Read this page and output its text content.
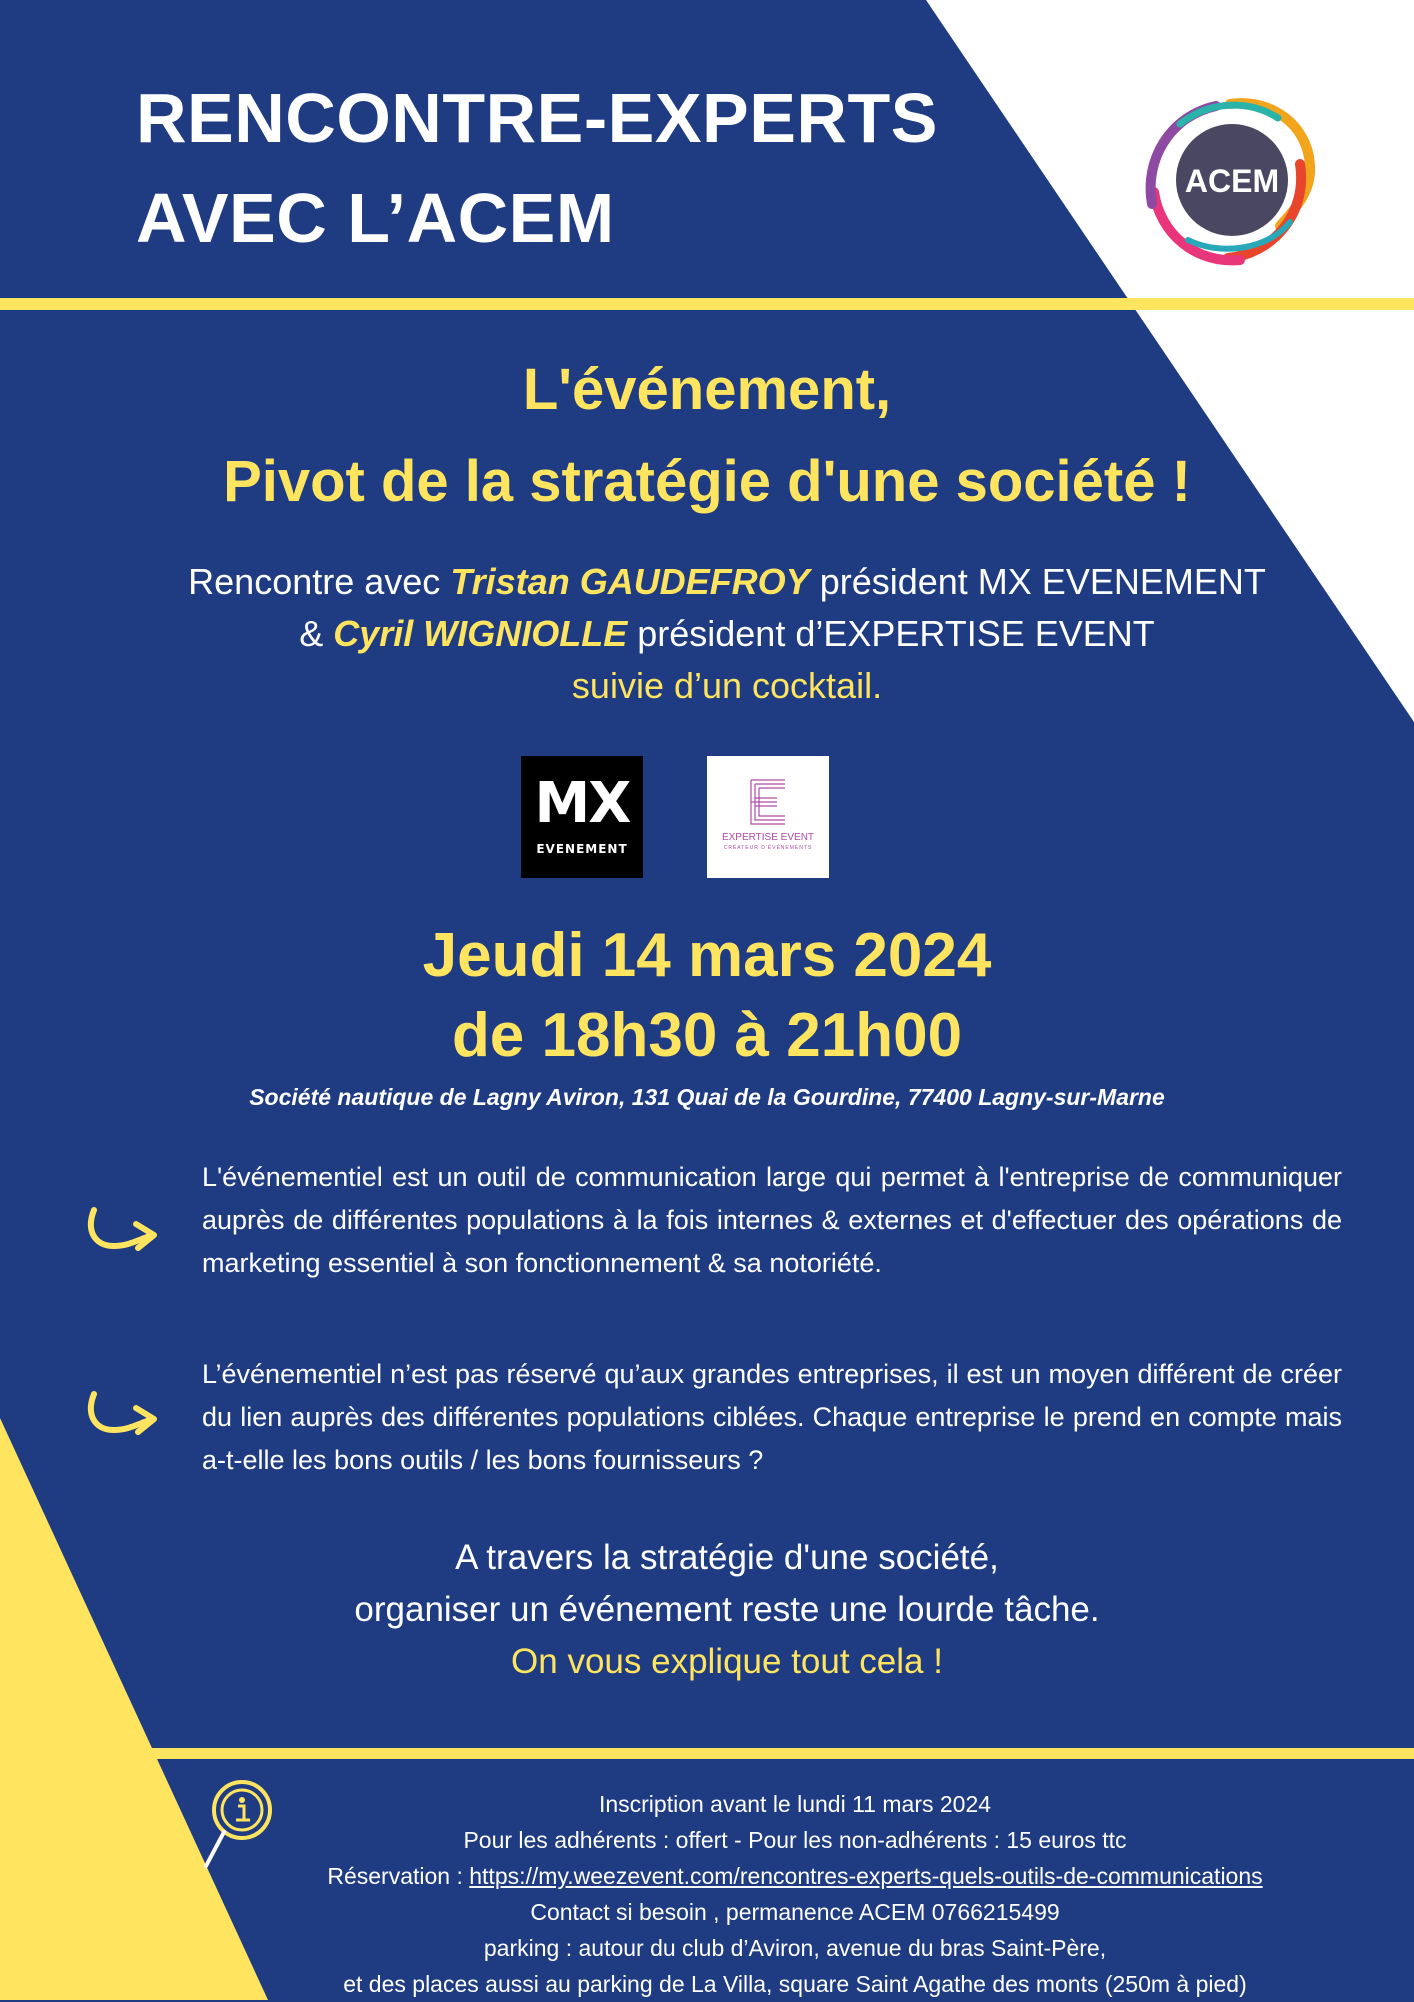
RENCONTRE-EXPERTS
AVEC L’ACEM	ACEM
L'événement,
Pivot de la stratégie d'une société !
Rencontre avec Tristan GAUDEFROY président MX EVENEMENT
& Cyril WIGNIOLLE président d’EXPERTISE EVENT
suivie d’un cocktail.
MX
EVENEMENT
EXPERTISE EVENT
CRÉATEUR D'ÉVÉNEMENTS
Jeudi 14 mars 2024
de 18h30 à 21h00
Société nautique de Lagny Aviron, 131 Quai de la Gourdine, 77400 Lagny-sur-Marne
L'événementiel est un outil de communication large qui permet à l'entreprise de communiquer auprès de différentes populations à la fois internes & externes et d'effectuer des opérations de marketing essentiel à son fonctionnement & sa notoriété.
L’événementiel n’est pas réservé qu’aux grandes entreprises, il est un moyen différent de créer du lien auprès des différentes populations ciblées. Chaque entreprise le prend en compte mais a-t-elle les bons outils / les bons fournisseurs ?
A travers la stratégie d'une société,
organiser un événement reste une lourde tâche.
On vous explique tout cela !
Inscription avant le lundi 11 mars 2024
Pour les adhérents : offert - Pour les non-adhérents : 15 euros ttc
Réservation : https://my.weezevent.com/rencontres-experts-quels-outils-de-communications
Contact si besoin , permanence ACEM 0766215499
parking : autour du club d’Aviron, avenue du bras Saint-Père,
et des places aussi au parking de La Villa, square Saint Agathe des monts (250m à pied)
